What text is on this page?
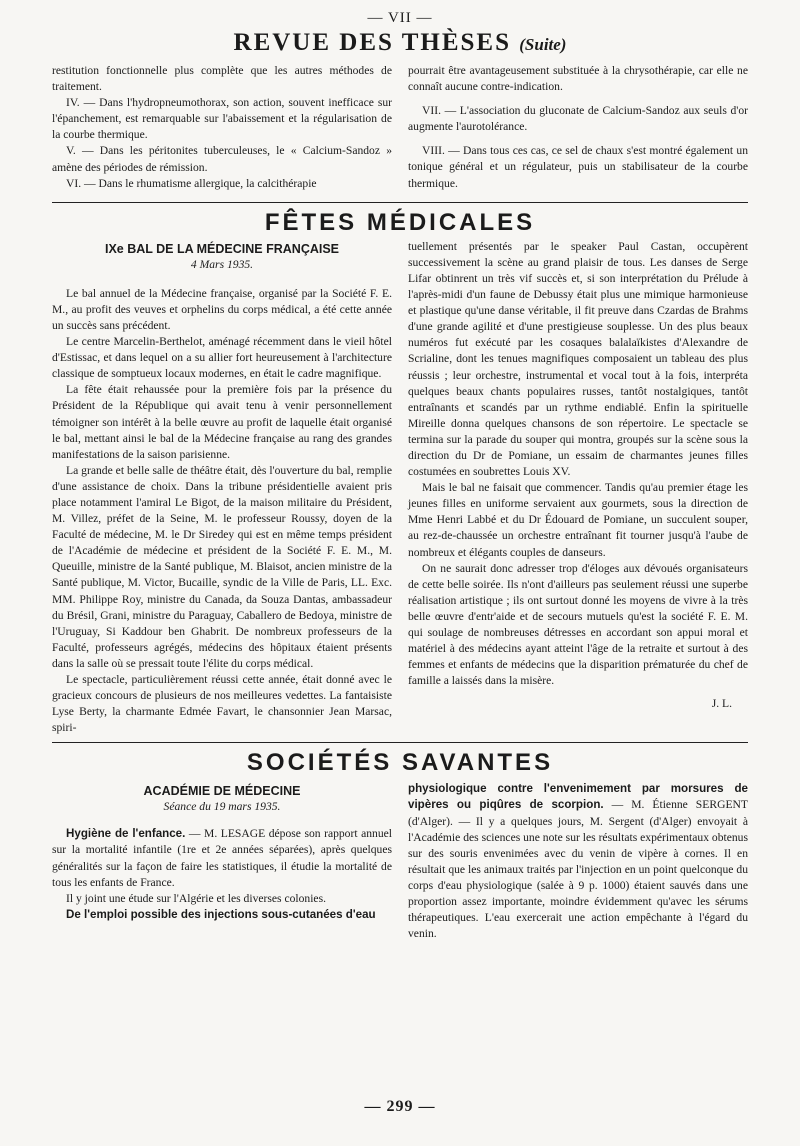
— VII —
REVUE DES THÈSES (Suite)

restitution fonctionnelle plus complète que les autres méthodes de traitement.

IV. — Dans l'hydropneumothorax, son action, souvent inefficace sur l'épanchement, est remarquable sur l'abaissement et la régularisation de la courbe thermique.

V. — Dans les péritonites tuberculeuses, le « Calcium-Sandoz » amène des périodes de rémission.

VI. — Dans le rhumatisme allergique, la calcithérapie

pourrait être avantageusement substituée à la chrysothérapie, car elle ne connaît aucune contre-indication.

VII. — L'association du gluconate de Calcium-Sandoz aux seuls d'or augmente l'aurotolérance.

VIII. — Dans tous ces cas, ce sel de chaux s'est montré également un tonique général et un régulateur, puis un stabilisateur de la courbe thermique.

FÊTES MÉDICALES
IXe BAL DE LA MÉDECINE FRANÇAISE
4 Mars 1935.

Le bal annuel de la Médecine française, organisé par la Société F. E. M., au profit des veuves et orphelins du corps médical, a été cette année un succès sans précédent.

Le centre Marcelin-Berthelot, aménagé récemment dans le vieil hôtel d'Estissac, et dans lequel on a su allier fort heureusement à l'architecture classique de somptueux locaux modernes, en était le cadre magnifique.

La fête était rehaussée pour la première fois par la présence du Président de la République qui avait tenu à venir personnellement témoigner son intérêt à la belle œuvre au profit de laquelle était organisé le bal, mettant ainsi le bal de la Médecine française au rang des grandes manifestations de la saison parisienne.

La grande et belle salle de théâtre était, dès l'ouverture du bal, remplie d'une assistance de choix. Dans la tribune présidentielle avaient pris place notamment l'amiral Le Bigot, de la maison militaire du Président, M. Villez, préfet de la Seine, M. le professeur Roussy, doyen de la Faculté de médecine, M. le Dr Siredey qui est en même temps président de l'Académie de médecine et président de la Société F. E. M., M. Queuille, ministre de la Santé publique, M. Blaisot, ancien ministre de la Santé publique, M. Victor, Bucaille, syndic de la Ville de Paris, LL. Exc. MM. Philippe Roy, ministre du Canada, da Souza Dantas, ambassadeur du Brésil, Grani, ministre du Paraguay, Caballero de Bedoya, ministre de l'Uruguay, Si Kaddour ben Ghabrit. De nombreux professeurs de la Faculté, professeurs agrégés, médecins des hôpitaux étaient présents dans la salle où se pressait toute l'élite du corps médical.

Le spectacle, particulièrement réussi cette année, était donné avec le gracieux concours de plusieurs de nos meilleures vedettes. La fantaisiste Lyse Berty, la charmante Edmée Favart, le chansonnier Jean Marsac, spiri-

tuellement présentés par le speaker Paul Castan, occupèrent successivement la scène au grand plaisir de tous. Les danses de Serge Lifar obtinrent un très vif succès et, si son interprétation du Prélude à l'après-midi d'un faune de Debussy était plus une mimique harmonieuse et plastique qu'une danse véritable, il fit preuve dans Czardas de Brahms d'une grande agilité et d'une prestigieuse souplesse. Un des plus beaux numéros fut exécuté par les cosaques balalaïkistes d'Alexandre de Scrialine, dont les tenues magnifiques composaient un tableau des plus réussis ; leur orchestre, instrumental et vocal tout à la fois, interpréta quelques beaux chants populaires russes, tantôt nostalgiques, tantôt entraînants et scandés par un rythme endiablé. Enfin la spirituelle Mireille donna quelques chansons de son répertoire. Le spectacle se termina sur la parade du souper qui montra, groupés sur la scène sous la direction du Dr de Pomiane, un essaim de charmantes jeunes filles costumées en soubrettes Louis XV.

Mais le bal ne faisait que commencer. Tandis qu'au premier étage les jeunes filles en uniforme servaient aux gourmets, sous la direction de Mme Henri Labbé et du Dr Édouard de Pomiane, un succulent souper, au rez-de-chaussée un orchestre entraînant fit tourner jusqu'à l'aube de nombreux et élégants couples de danseurs.

On ne saurait donc adresser trop d'éloges aux dévoués organisateurs de cette belle soirée. Ils n'ont d'ailleurs pas seulement réussi une superbe réalisation artistique ; ils ont surtout donné les moyens de vivre à la très belle œuvre d'entr'aide et de secours mutuels qu'est la société F. E. M. qui soulage de nombreuses détresses en accordant son appui moral et matériel à des médecins ayant atteint l'âge de la retraite et surtout à des femmes et enfants de médecins que la disparition prématurée du chef de famille a laissés dans la misère.

J. L.
SOCIÉTÉS SAVANTES
ACADÉMIE DE MÉDECINE
Séance du 19 mars 1935.

Hygiène de l'enfance. — M. LESAGE dépose son rapport annuel sur la mortalité infantile (1re et 2e années séparées), après quelques généralités sur la façon de faire les statistiques, il étudie la mortalité de tous les enfants de France.

Il y joint une étude sur l'Algérie et les diverses colonies.

De l'emploi possible des injections sous-cutanées d'eau

physiologique contre l'envenimement par morsures de vipères ou piqûres de scorpion. — M. Étienne SERGENT (d'Alger). — Il y a quelques jours, M. Sergent (d'Alger) envoyait à l'Académie des sciences une note sur les résultats expérimentaux obtenus sur des souris envenimées avec du venin de vipère à cornes. Il en résultait que les animaux traités par l'injection en un point quelconque du corps d'eau physiologique (salée à 9 p. 1000) étaient sauvés dans une proportion assez importante, moindre évidemment qu'avec les sérums thérapeutiques. L'eau exercerait une action empêchante à l'égard du venin.

— 299 —
